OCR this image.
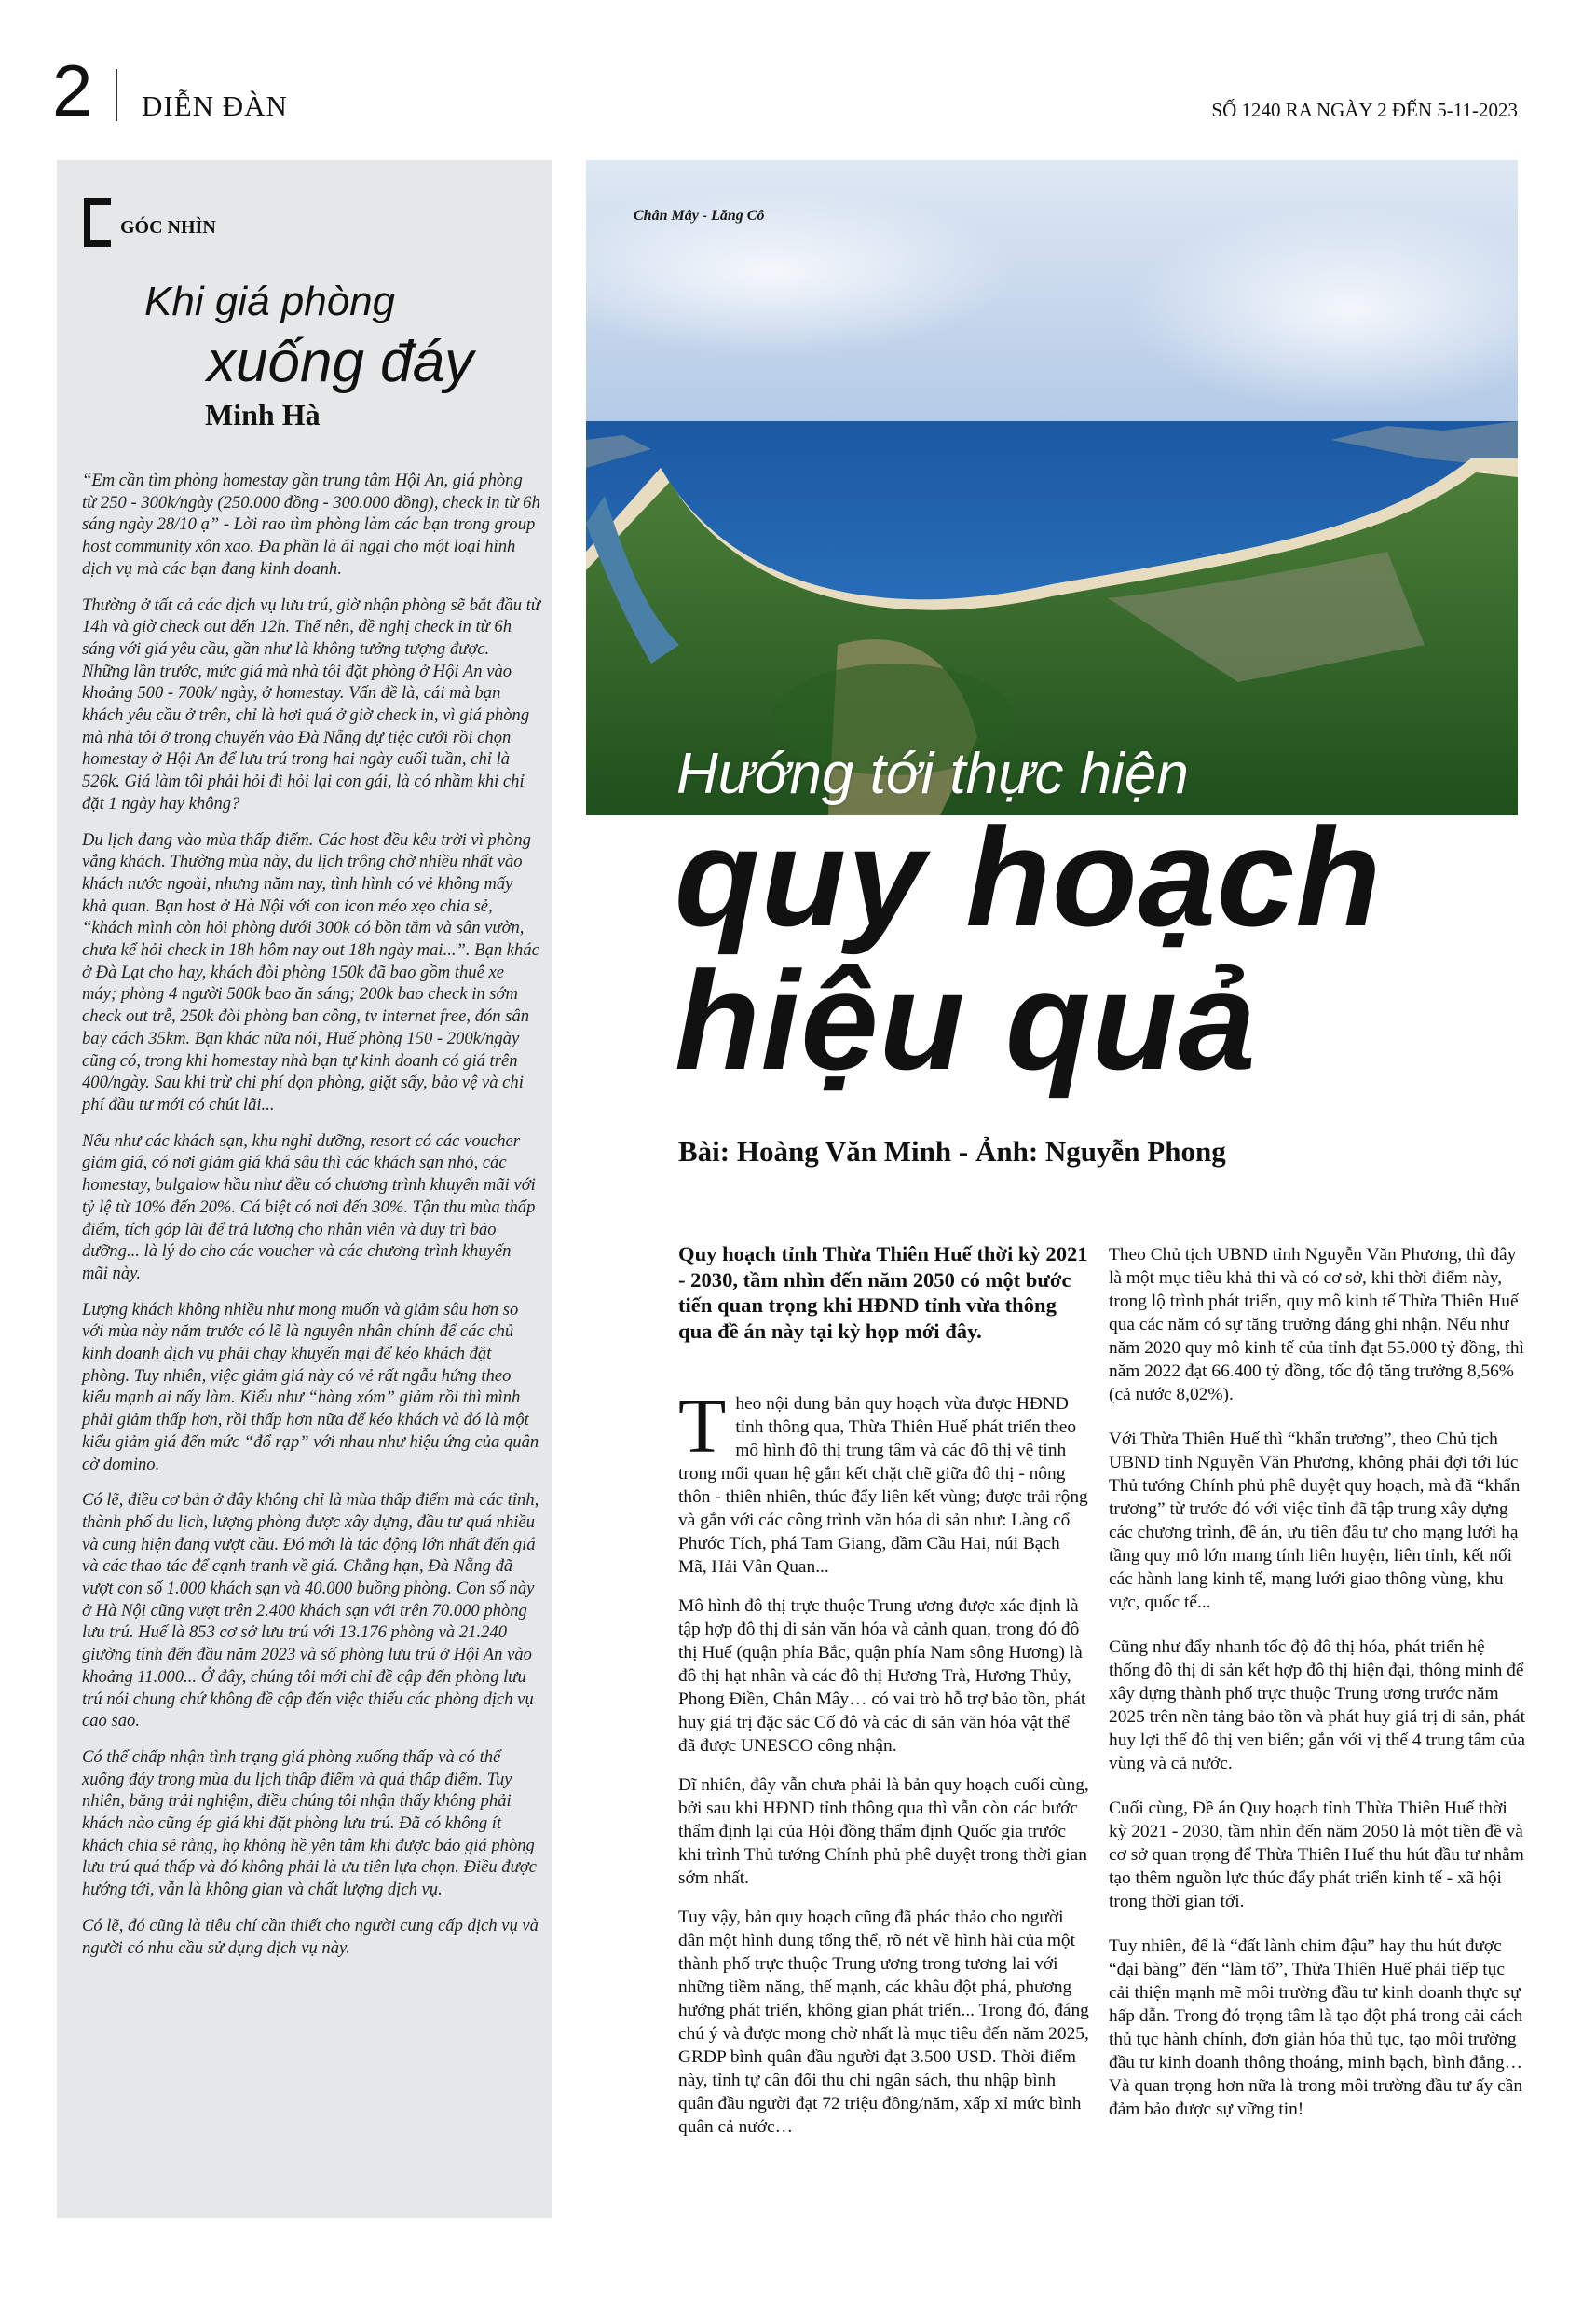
2 DIỄN ĐÀN	SỐ 1240 RA NGÀY 2 ĐẾN 5-11-2023
GÓC NHÌN
Khi giá phòng
xuống đáy
Minh Hà

“Em cần tìm phòng homestay gần trung tâm Hội An, giá phòng từ 250 - 300k/ngày (250.000 đồng - 300.000 đồng), check in từ 6h sáng ngày 28/10 ạ” - Lời rao tìm phòng làm các bạn trong group host community xôn xao. Đa phần là ái ngại cho một loại hình dịch vụ mà các bạn đang kinh doanh.

Thường ở tất cả các dịch vụ lưu trú, giờ nhận phòng sẽ bắt đầu từ 14h và giờ check out đến 12h. Thế nên, đề nghị check in từ 6h sáng với giá yêu cầu, gần như là không tưởng tượng được. Những lần trước, mức giá mà nhà tôi đặt phòng ở Hội An vào khoảng 500 - 700k/ ngày, ở homestay. Vấn đề là, cái mà bạn khách yêu cầu ở trên, chỉ là hơi quá ở giờ check in, vì giá phòng mà nhà tôi ở trong chuyến vào Đà Nẵng dự tiệc cưới rồi chọn homestay ở Hội An để lưu trú trong hai ngày cuối tuần, chỉ là 526k. Giá làm tôi phải hỏi đi hỏi lại con gái, là có nhầm khi chỉ đặt 1 ngày hay không?

Du lịch đang vào mùa thấp điểm. Các host đều kêu trời vì phòng vắng khách. Thường mùa này, du lịch trông chờ nhiều nhất vào khách nước ngoài, nhưng năm nay, tình hình có vẻ không mấy khả quan. Bạn host ở Hà Nội với con icon méo xẹo chia sẻ, “khách mình còn hỏi phòng dưới 300k có bồn tắm và sân vườn, chưa kể hỏi check in 18h hôm nay out 18h ngày mai...”. Bạn khác ở Đà Lạt cho hay, khách đòi phòng 150k đã bao gồm thuê xe máy; phòng 4 người 500k bao ăn sáng; 200k bao check in sớm check out trễ, 250k đòi phòng ban công, tv internet free, đón sân bay cách 35km. Bạn khác nữa nói, Huế phòng 150 - 200k/ngày cũng có, trong khi homestay nhà bạn tự kinh doanh có giá trên 400/ngày. Sau khi trừ chi phí dọn phòng, giặt sấy, bảo vệ và chi phí đầu tư mới có chút lãi...

Nếu như các khách sạn, khu nghỉ dưỡng, resort có các voucher giảm giá, có nơi giảm giá khá sâu thì các khách sạn nhỏ, các homestay, bulgalow hầu như đều có chương trình khuyến mãi với tỷ lệ từ 10% đến 20%. Cá biệt có nơi đến 30%. Tận thu mùa thấp điểm, tích góp lãi để trả lương cho nhân viên và duy trì bảo dưỡng... là lý do cho các voucher và các chương trình khuyến mãi này.

Lượng khách không nhiều như mong muốn và giảm sâu hơn so với mùa này năm trước có lẽ là nguyên nhân chính để các chủ kinh doanh dịch vụ phải chạy khuyến mại để kéo khách đặt phòng. Tuy nhiên, việc giảm giá này có vẻ rất ngẫu hứng theo kiểu mạnh ai nấy làm. Kiểu như “hàng xóm” giảm rồi thì mình phải giảm thấp hơn, rồi thấp hơn nữa để kéo khách và đó là một kiểu giảm giá đến mức “đổ rạp” với nhau như hiệu ứng của quân cờ domino.

Có lẽ, điều cơ bản ở đây không chỉ là mùa thấp điểm mà các tỉnh, thành phố du lịch, lượng phòng được xây dựng, đầu tư quá nhiều và cung hiện đang vượt cầu. Đó mới là tác động lớn nhất đến giá và các thao tác để cạnh tranh về giá. Chẳng hạn, Đà Nẵng đã vượt con số 1.000 khách sạn và 40.000 buồng phòng. Con số này ở Hà Nội cũng vượt trên 2.400 khách sạn với trên 70.000 phòng lưu trú. Huế là 853 cơ sở lưu trú với 13.176 phòng và 21.240 giường tính đến đầu năm 2023 và số phòng lưu trú ở Hội An vào khoảng 11.000... Ở đây, chúng tôi mới chỉ đề cập đến phòng lưu trú nói chung chứ không đề cập đến việc thiếu các phòng dịch vụ cao sao.

Có thể chấp nhận tình trạng giá phòng xuống thấp và có thể xuống đáy trong mùa du lịch thấp điểm và quá thấp điểm. Tuy nhiên, bằng trải nghiệm, điều chúng tôi nhận thấy không phải khách nào cũng ép giá khi đặt phòng lưu trú. Đã có không ít khách chia sẻ rằng, họ không hề yên tâm khi được báo giá phòng lưu trú quá thấp và đó không phải là ưu tiên lựa chọn. Điều được hướng tới, vẫn là không gian và chất lượng dịch vụ.

Có lẽ, đó cũng là tiêu chí cần thiết cho người cung cấp dịch vụ và người có nhu cầu sử dụng dịch vụ này.

Chân Mây - Lăng Cô
Hướng tới thực hiện
quy hoạch
hiệu quả
Bài: Hoàng Văn Minh - Ảnh: Nguyễn Phong

Quy hoạch tỉnh Thừa Thiên Huế thời kỳ 2021 - 2030, tầm nhìn đến năm 2050 có một bước tiến quan trọng khi HĐND tỉnh vừa thông qua đề án này tại kỳ họp mới đây.

Theo nội dung bản quy hoạch vừa được HĐND tỉnh thông qua, Thừa Thiên Huế phát triển theo mô hình đô thị trung tâm và các đô thị vệ tinh trong mối quan hệ gắn kết chặt chẽ giữa đô thị - nông thôn - thiên nhiên, thúc đẩy liên kết vùng; được trải rộng và gắn với các công trình văn hóa di sản như: Làng cổ Phước Tích, phá Tam Giang, đầm Cầu Hai, núi Bạch Mã, Hải Vân Quan...

Mô hình đô thị trực thuộc Trung ương được xác định là tập hợp đô thị di sản văn hóa và cảnh quan, trong đó đô thị Huế (quận phía Bắc, quận phía Nam sông Hương) là đô thị hạt nhân và các đô thị Hương Trà, Hương Thủy, Phong Điền, Chân Mây… có vai trò hỗ trợ bảo tồn, phát huy giá trị đặc sắc Cố đô và các di sản văn hóa vật thể đã được UNESCO công nhận.

Dĩ nhiên, đây vẫn chưa phải là bản quy hoạch cuối cùng, bởi sau khi HĐND tỉnh thông qua thì vẫn còn các bước thẩm định lại của Hội đồng thẩm định Quốc gia trước khi trình Thủ tướng Chính phủ phê duyệt trong thời gian sớm nhất.

Tuy vậy, bản quy hoạch cũng đã phác thảo cho người dân một hình dung tổng thể, rõ nét về hình hài của một thành phố trực thuộc Trung ương trong tương lai với những tiềm năng, thế mạnh, các khâu đột phá, phương hướng phát triển, không gian phát triển... Trong đó, đáng chú ý và được mong chờ nhất là mục tiêu đến năm 2025, GRDP bình quân đầu người đạt 3.500 USD. Thời điểm này, tỉnh tự cân đối thu chi ngân sách, thu nhập bình quân đầu người đạt 72 triệu đồng/năm, xấp xỉ mức bình quân cả nước…

Theo Chủ tịch UBND tỉnh Nguyễn Văn Phương, thì đây là một mục tiêu khả thi và có cơ sở, khi thời điểm này, trong lộ trình phát triển, quy mô kinh tế Thừa Thiên Huế qua các năm có sự tăng trưởng đáng ghi nhận. Nếu như năm 2020 quy mô kinh tế của tỉnh đạt 55.000 tỷ đồng, thì năm 2022 đạt 66.400 tỷ đồng, tốc độ tăng trưởng 8,56% (cả nước 8,02%).

Với Thừa Thiên Huế thì “khẩn trương”, theo Chủ tịch UBND tỉnh Nguyễn Văn Phương, không phải đợi tới lúc Thủ tướng Chính phủ phê duyệt quy hoạch, mà đã “khẩn trương” từ trước đó với việc tỉnh đã tập trung xây dựng các chương trình, đề án, ưu tiên đầu tư cho mạng lưới hạ tầng quy mô lớn mang tính liên huyện, liên tỉnh, kết nối các hành lang kinh tế, mạng lưới giao thông vùng, khu vực, quốc tế...

Cũng như đẩy nhanh tốc độ đô thị hóa, phát triển hệ thống đô thị di sản kết hợp đô thị hiện đại, thông minh để xây dựng thành phố trực thuộc Trung ương trước năm 2025 trên nền tảng bảo tồn và phát huy giá trị di sản, phát huy lợi thế đô thị ven biển; gắn với vị thế 4 trung tâm của vùng và cả nước.

Cuối cùng, Đề án Quy hoạch tỉnh Thừa Thiên Huế thời kỳ 2021 - 2030, tầm nhìn đến năm 2050 là một tiền đề và cơ sở quan trọng để Thừa Thiên Huế thu hút đầu tư nhằm tạo thêm nguồn lực thúc đẩy phát triển kinh tế - xã hội trong thời gian tới.

Tuy nhiên, để là “đất lành chim đậu” hay thu hút được “đại bàng” đến “làm tổ”, Thừa Thiên Huế phải tiếp tục cải thiện mạnh mẽ môi trường đầu tư kinh doanh thực sự hấp dẫn. Trong đó trọng tâm là tạo đột phá trong cải cách thủ tục hành chính, đơn giản hóa thủ tục, tạo môi trường đầu tư kinh doanh thông thoáng, minh bạch, bình đẳng… Và quan trọng hơn nữa là trong môi trường đầu tư ấy cần đảm bảo được sự vững tin!
